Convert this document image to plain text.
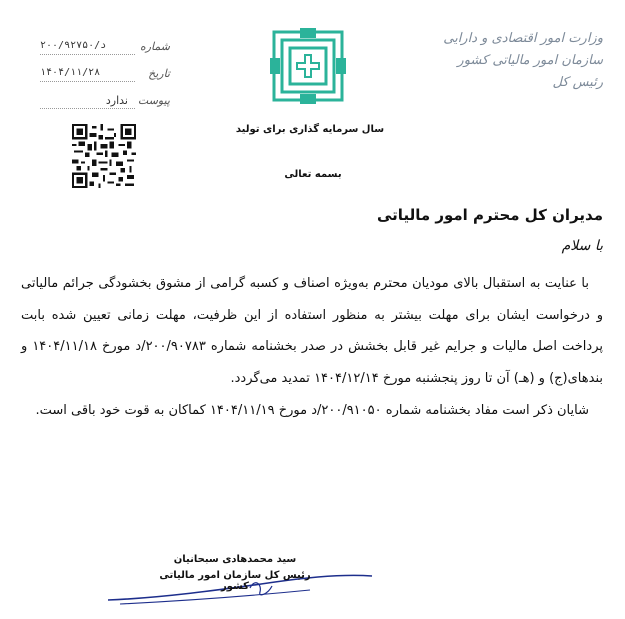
وزارت امور اقتصادی و دارایی
سازمان امور مالیاتی کشور
رئیس کل
سال سرمایه گذاری برای تولید
بسمه تعالی
شماره
۲۰۰/۹۲۷۵۰/د
تاریخ
۱۴۰۴/۱۱/۲۸
پیوست
ندارد
مدیران کل محترم امور مالیاتی
با سلام

با عنایت به استقبال بالای مودیان محترم به‌ویژه اصناف و کسبه گرامی از مشوق بخشودگی جرائم مالیاتی و درخواست ایشان برای مهلت بیشتر به منظور استفاده از این ظرفیت، مهلت زمانی تعیین شده بابت پرداخت اصل مالیات و جرایم غیر قابل بخشش در صدر بخشنامه شماره ۲۰۰/۹۰۷۸۳/د مورخ ۱۴۰۴/۱۱/۱۸ و بندهای(ج) و (هـ) آن تا روز پنجشنبه مورخ ۱۴۰۴/۱۲/۱۴ تمدید می‌گردد.

شایان ذکر است مفاد بخشنامه شماره ۲۰۰/۹۱۰۵۰/د مورخ ۱۴۰۴/۱۱/۱۹ کماکان به قوت خود باقی است.

سید محمدهادی سبحانیان
رئیس کل سازمان امور مالیاتی کشور
